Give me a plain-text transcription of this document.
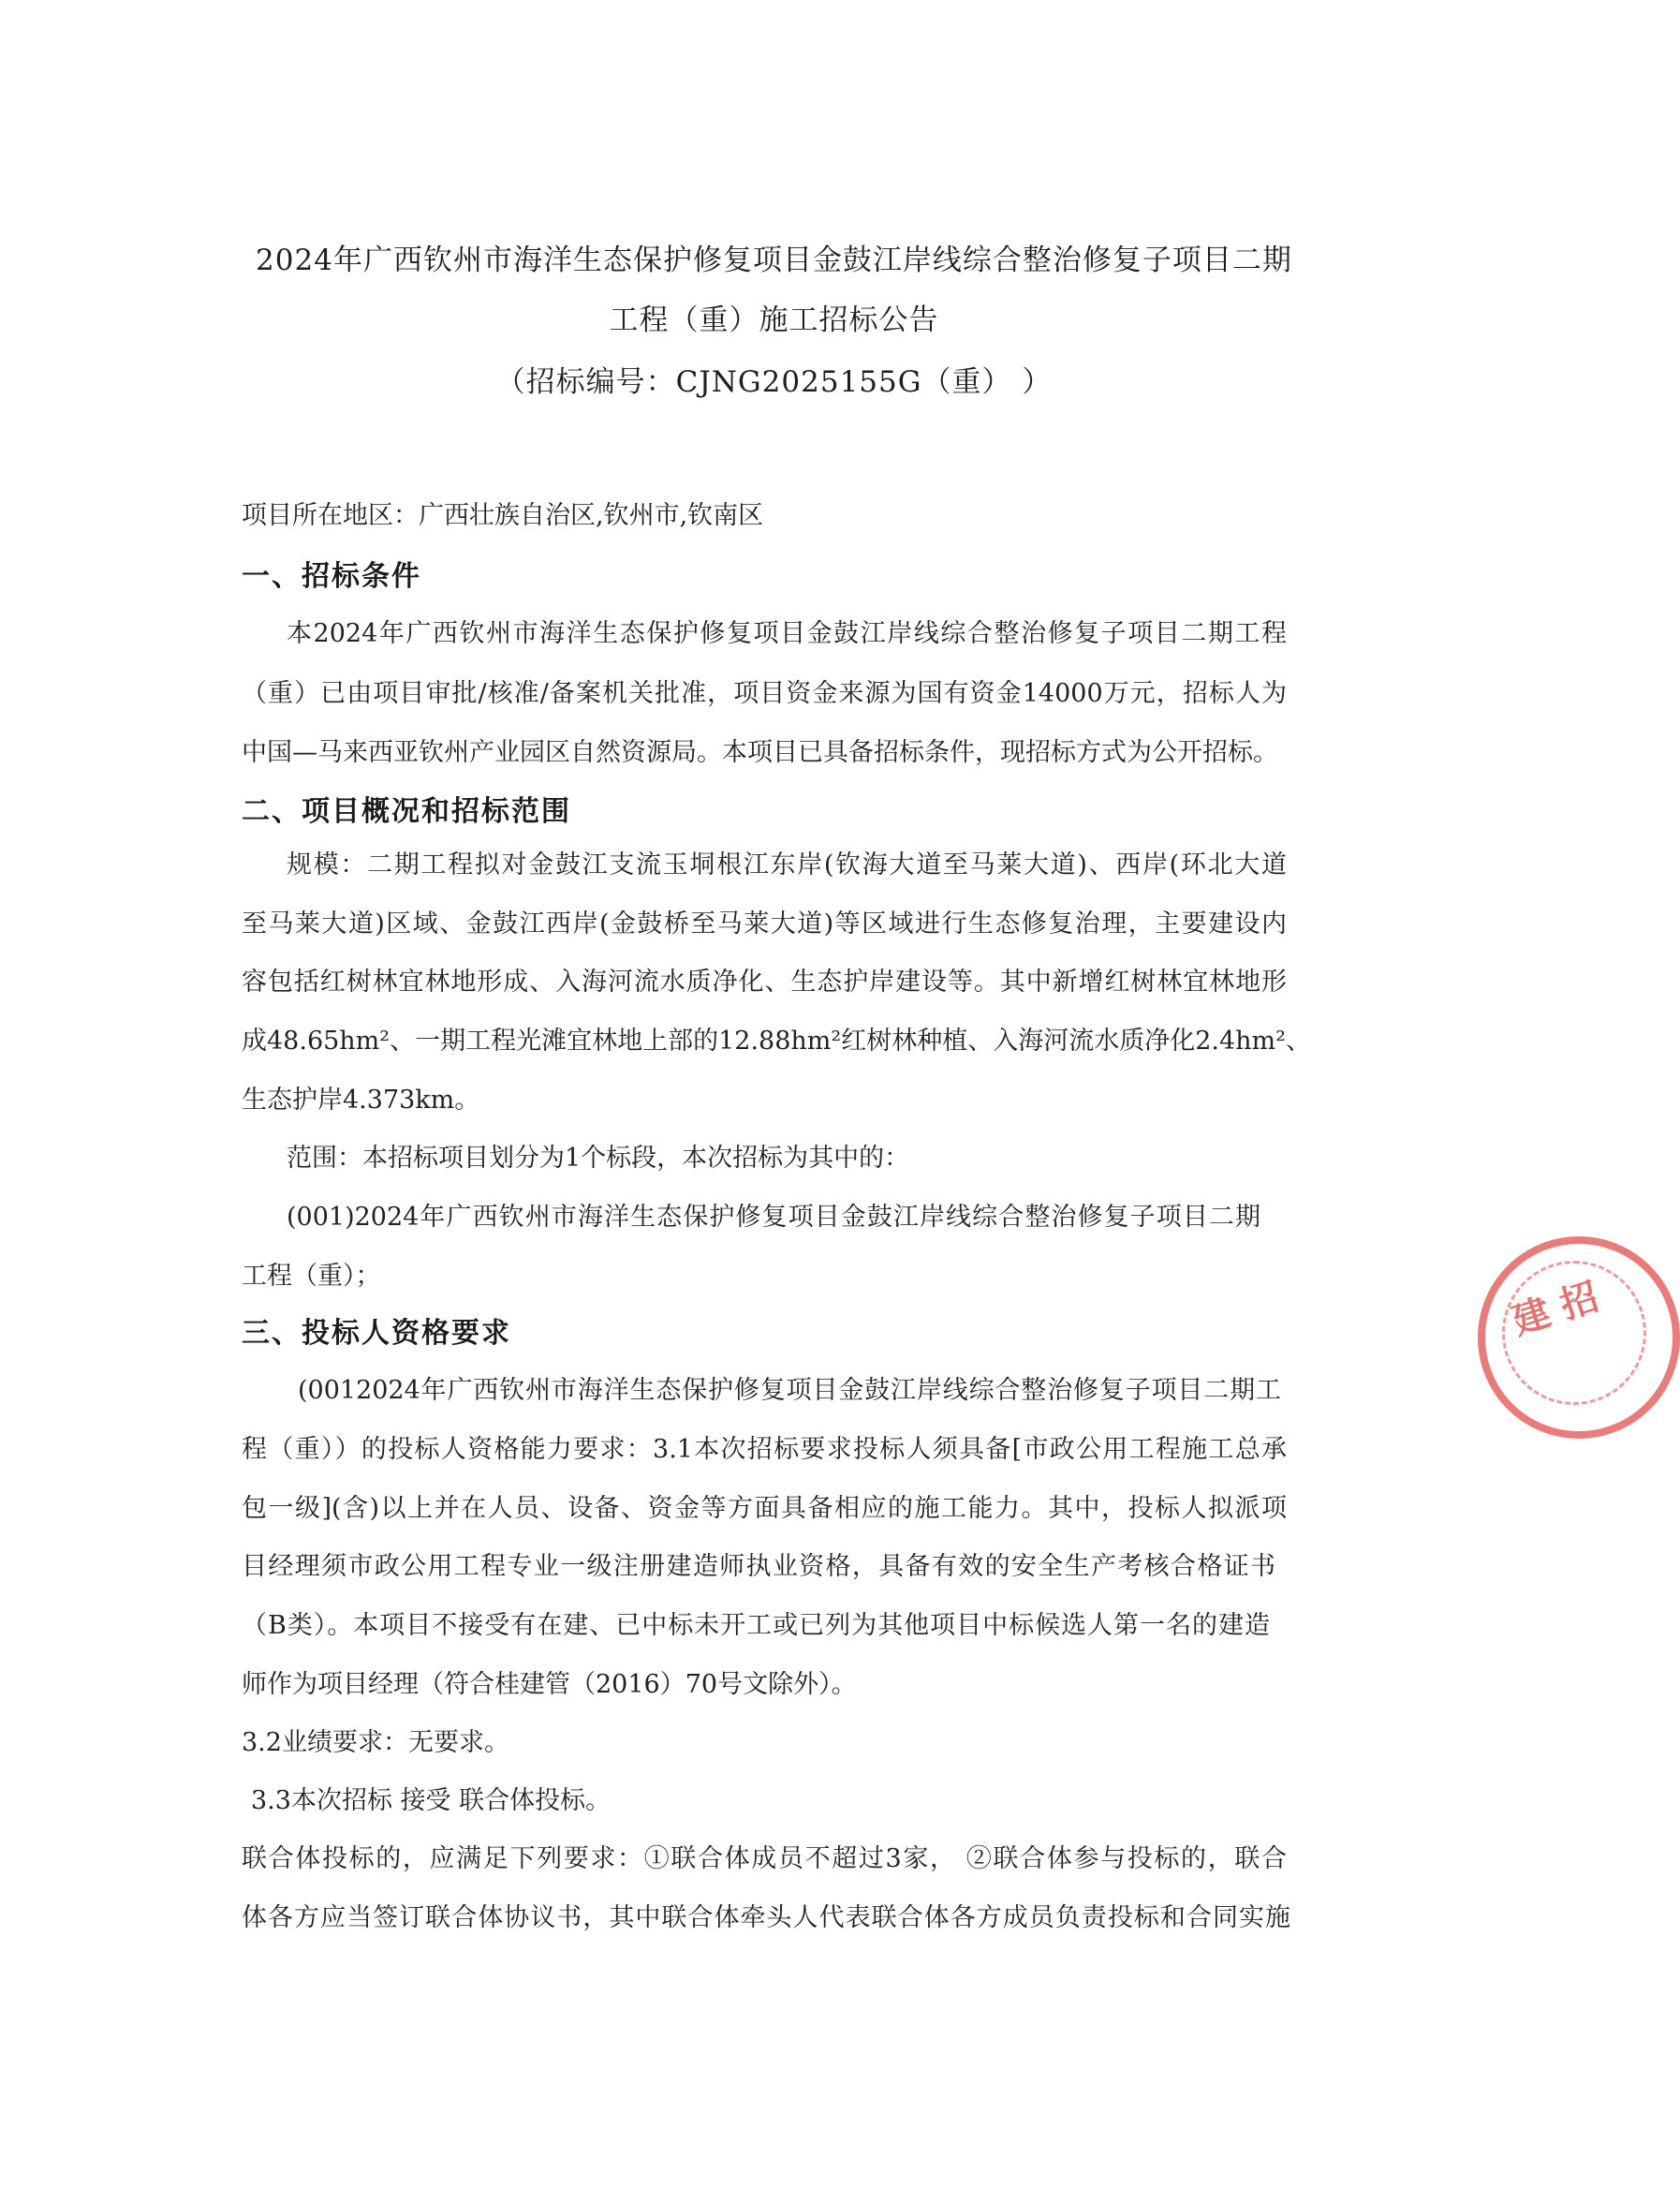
2024年广西钦州市海洋生态保护修复项目金鼓江岸线综合整治修复子项目二期
工程（重）施工招标公告
（招标编号：CJNG2025155G（重） ）
项目所在地区：广西壮族自治区,钦州市,钦南区
一、招标条件
本2024年广西钦州市海洋生态保护修复项目金鼓江岸线综合整治修复子项目二期工程
（重）已由项目审批/核准/备案机关批准，项目资金来源为国有资金14000万元，招标人为
中国—马来西亚钦州产业园区自然资源局。本项目已具备招标条件，现招标方式为公开招标。
二、项目概况和招标范围
规模：二期工程拟对金鼓江支流玉垌根江东岸(钦海大道至马莱大道)、西岸(环北大道
至马莱大道)区域、金鼓江西岸(金鼓桥至马莱大道)等区域进行生态修复治理，主要建设内
容包括红树林宜林地形成、入海河流水质净化、生态护岸建设等。其中新增红树林宜林地形
成48.65hm²、一期工程光滩宜林地上部的12.88hm²红树林种植、入海河流水质净化2.4hm²、
生态护岸4.373km。
范围：本招标项目划分为1个标段，本次招标为其中的：
(001)2024年广西钦州市海洋生态保护修复项目金鼓江岸线综合整治修复子项目二期
工程（重）；
三、投标人资格要求
(0012024年广西钦州市海洋生态保护修复项目金鼓江岸线综合整治修复子项目二期工
程（重））的投标人资格能力要求：3.1本次招标要求投标人须具备[市政公用工程施工总承
包一级](含)以上并在人员、设备、资金等方面具备相应的施工能力。其中，投标人拟派项
目经理须市政公用工程专业一级注册建造师执业资格，具备有效的安全生产考核合格证书
（B类）。本项目不接受有在建、已中标未开工或已列为其他项目中标候选人第一名的建造
师作为项目经理（符合桂建管（2016）70号文除外）。
3.2业绩要求：无要求。
3.3本次招标 接受 联合体投标。
联合体投标的，应满足下列要求：①联合体成员不超过3家， ②联合体参与投标的，联合
体各方应当签订联合体协议书，其中联合体牵头人代表联合体各方成员负责投标和合同实施
建 招
